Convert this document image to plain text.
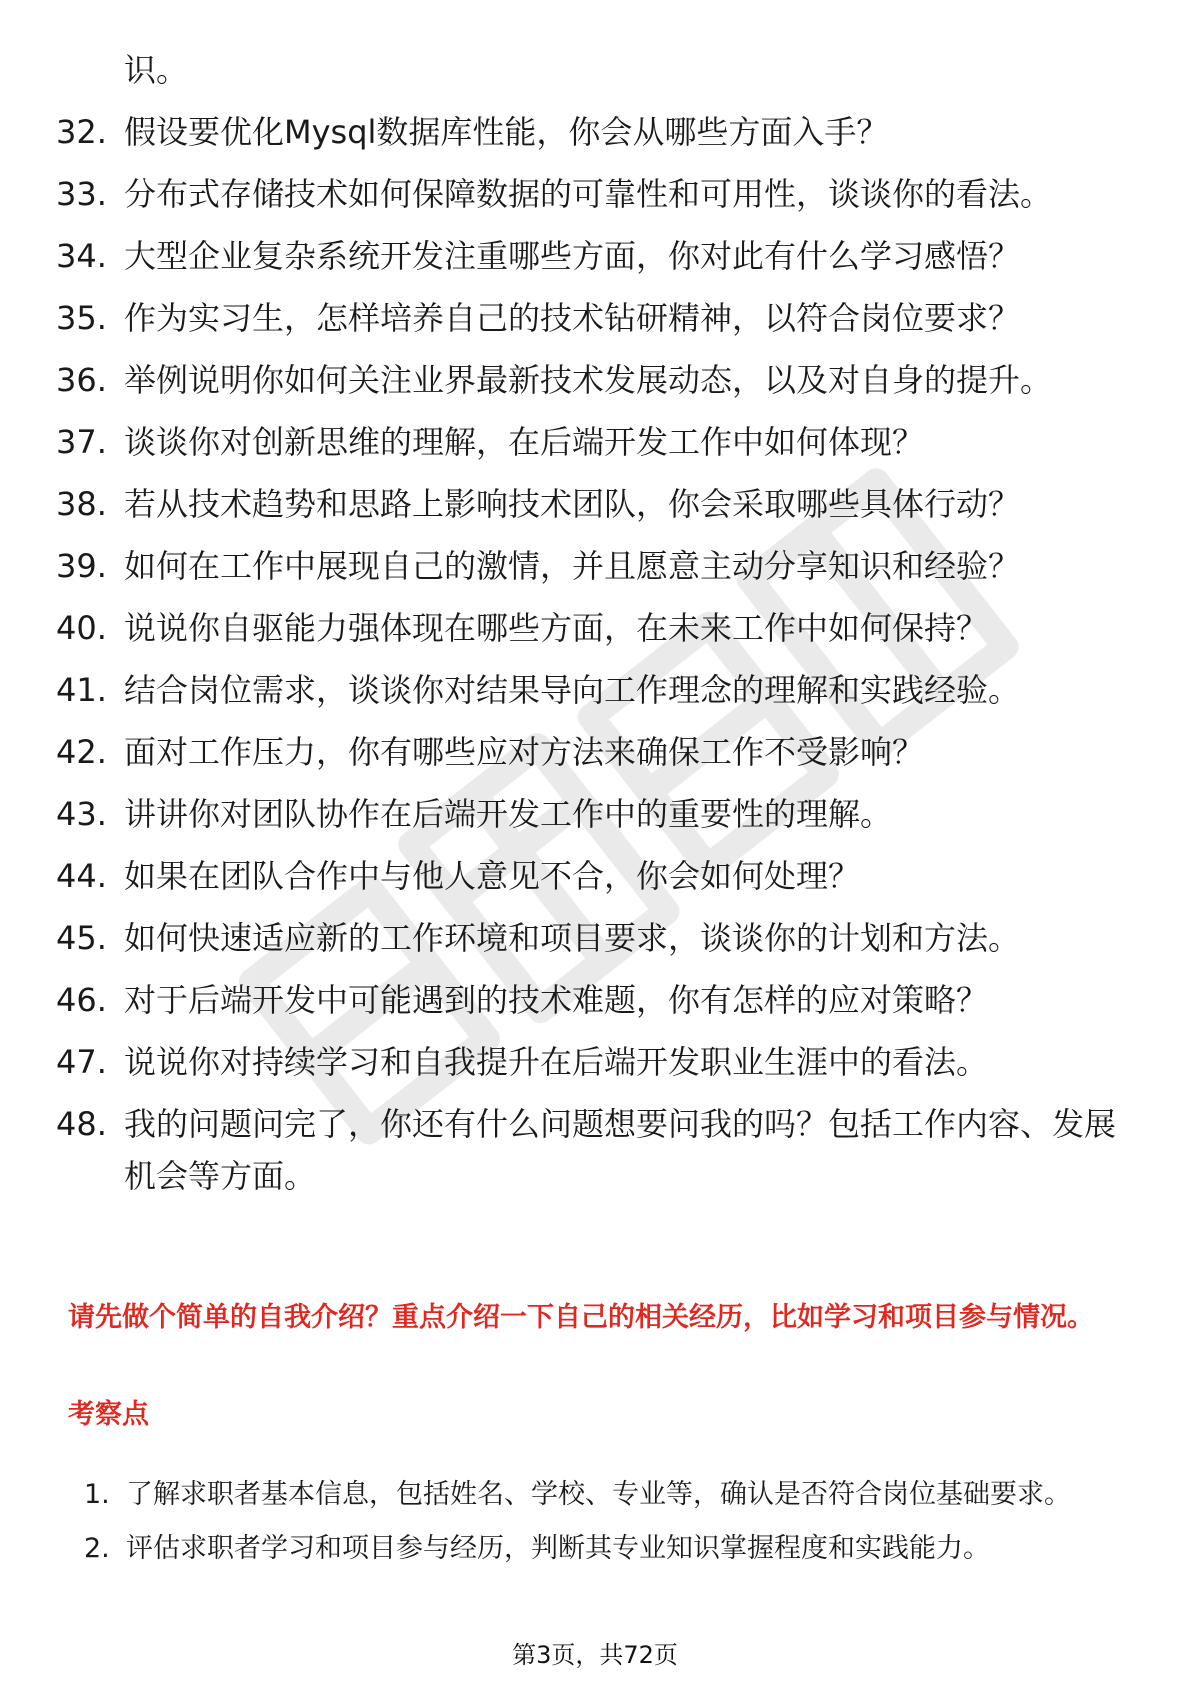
识。
32. 假设要优化Mysql数据库性能，你会从哪些方面入手？
33. 分布式存储技术如何保障数据的可靠性和可用性，谈谈你的看法。
34. 大型企业复杂系统开发注重哪些方面，你对此有什么学习感悟？
35. 作为实习生，怎样培养自己的技术钻研精神，以符合岗位要求？
36. 举例说明你如何关注业界最新技术发展动态，以及对自身的提升。
37. 谈谈你对创新思维的理解，在后端开发工作中如何体现？
38. 若从技术趋势和思路上影响技术团队，你会采取哪些具体行动？
39. 如何在工作中展现自己的激情，并且愿意主动分享知识和经验？
40. 说说你自驱能力强体现在哪些方面，在未来工作中如何保持？
41. 结合岗位需求，谈谈你对结果导向工作理念的理解和实践经验。
42. 面对工作压力，你有哪些应对方法来确保工作不受影响？
43. 讲讲你对团队协作在后端开发工作中的重要性的理解。
44. 如果在团队合作中与他人意见不合，你会如何处理？
45. 如何快速适应新的工作环境和项目要求，谈谈你的计划和方法。
46. 对于后端开发中可能遇到的技术难题，你有怎样的应对策略？
47. 说说你对持续学习和自我提升在后端开发职业生涯中的看法。
48. 我的问题问完了，你还有什么问题想要问我的吗？包括工作内容、发展机会等方面。
请先做个简单的自我介绍？重点介绍一下自己的相关经历，比如学习和项目参与情况。
考察点
1. 了解求职者基本信息，包括姓名、学校、专业等，确认是否符合岗位基础要求。
2. 评估求职者学习和项目参与经历，判断其专业知识掌握程度和实践能力。
第3页，共72页
